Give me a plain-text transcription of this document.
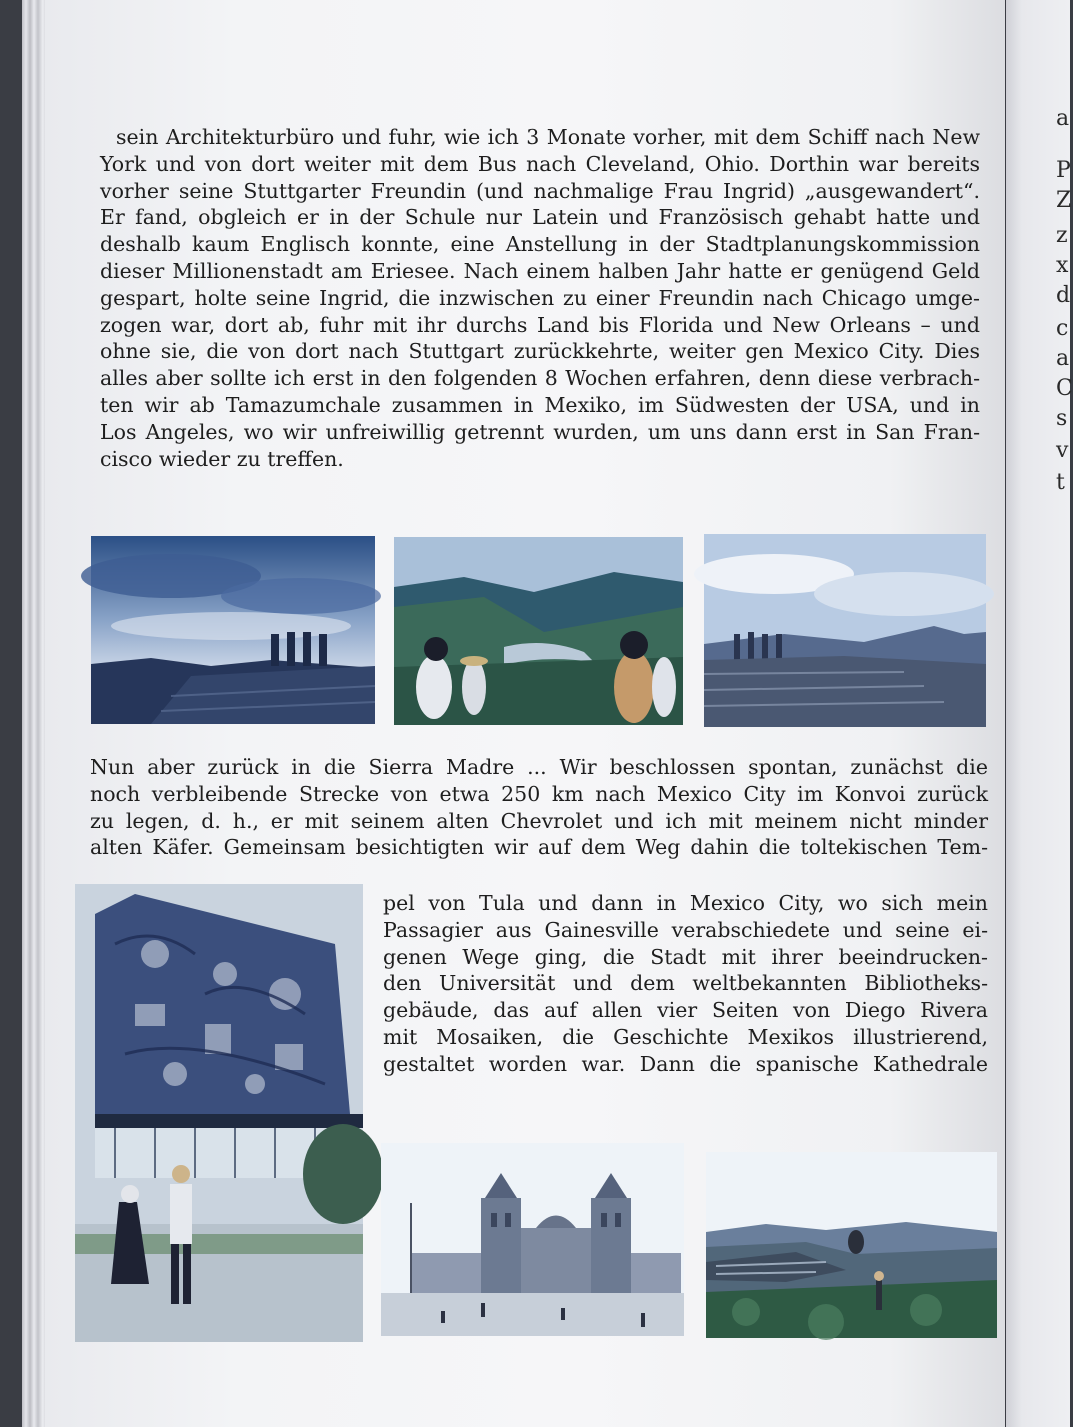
a
P
Z
z
x
d
c
a
C
s
v
t
sein Architekturbüro und fuhr, wie ich 3 Monate vorher, mit dem Schiff nach New
York und von dort weiter mit dem Bus nach Cleveland, Ohio. Dorthin war bereits
vorher seine Stuttgarter Freundin (und nachmalige Frau Ingrid) „ausgewandert“.
Er fand, obgleich er in der Schule nur Latein und Französisch gehabt hatte und
deshalb kaum Englisch konnte, eine Anstellung in der Stadtplanungskommission
dieser Millionenstadt am Eriesee. Nach einem halben Jahr hatte er genügend Geld
gespart, holte seine Ingrid, die inzwischen zu einer Freundin nach Chicago umge-
zogen war, dort ab, fuhr mit ihr durchs Land bis Florida und New Orleans – und
ohne sie, die von dort nach Stuttgart zurückkehrte, weiter gen Mexico City. Dies
alles aber sollte ich erst in den folgenden 8 Wochen erfahren, denn diese verbrach-
ten wir ab Tamazumchale zusammen in Mexiko, im Südwesten der USA, und in
Los Angeles, wo wir unfreiwillig getrennt wurden, um uns dann erst in San Fran-
cisco wieder zu treffen.
Nun aber zurück in die Sierra Madre ... Wir beschlossen spontan, zunächst die
noch verbleibende Strecke von etwa 250 km nach Mexico City im Konvoi zurück
zu legen, d. h., er mit seinem alten Chevrolet und ich mit meinem nicht minder
alten Käfer. Gemeinsam besichtigten wir auf dem Weg dahin die toltekischen Tem-
pel von Tula und dann in Mexico City, wo sich mein
Passagier aus Gainesville verabschiedete und seine ei-
genen Wege ging, die Stadt mit ihrer beeindrucken-
den Universität und dem weltbekannten Bibliotheks-
gebäude, das auf allen vier Seiten von Diego Rivera
mit Mosaiken, die Geschichte Mexikos illustrierend,
gestaltet worden war. Dann die spanische Kathedrale
